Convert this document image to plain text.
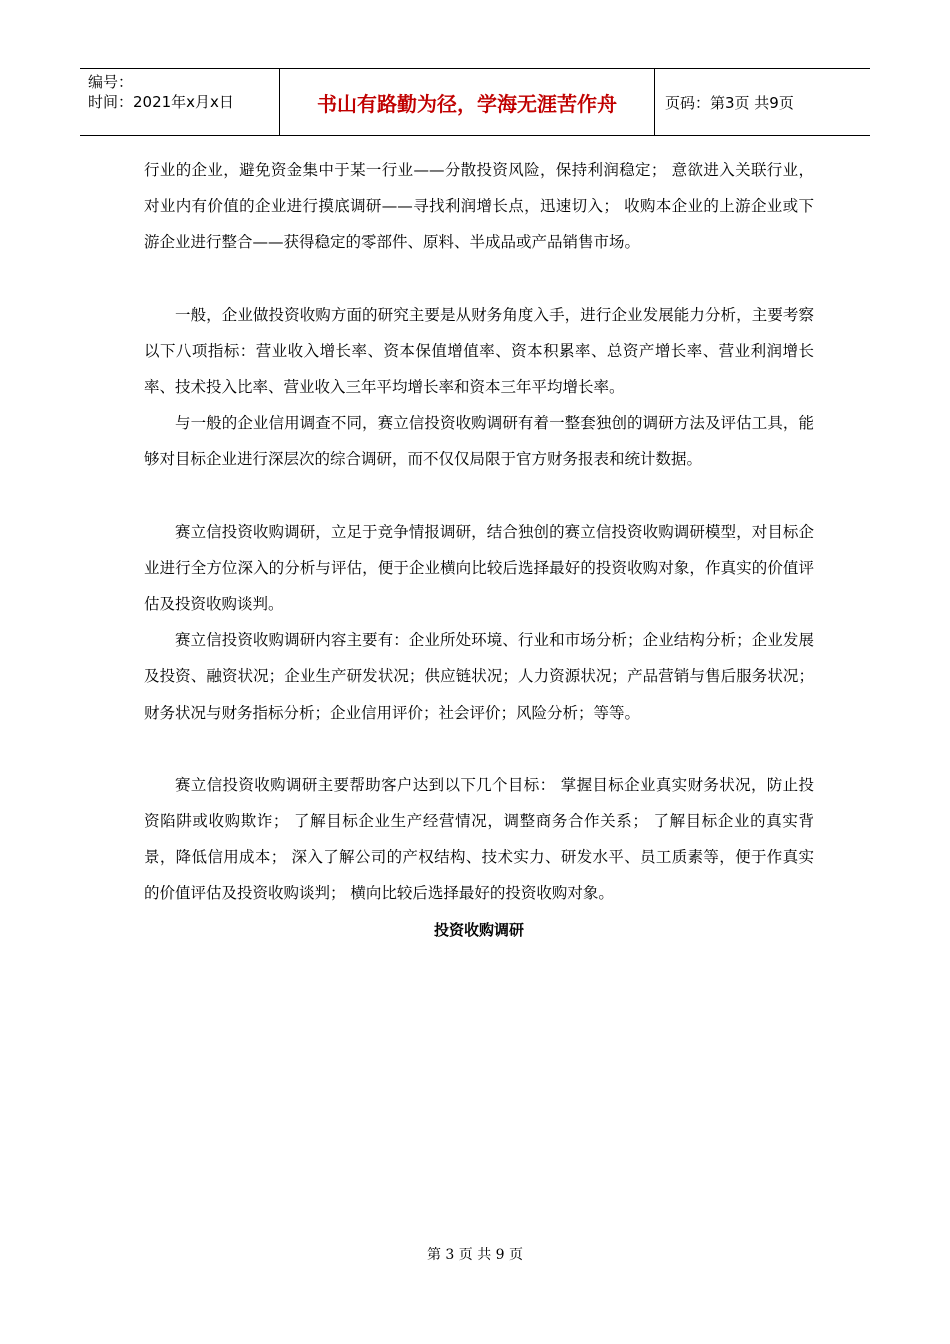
编号：
时间：2021年x月x日	书山有路勤为径，学海无涯苦作舟	页码：第3页 共9页

行业的企业，避免资金集中于某一行业——分散投资风险，保持利润稳定； 意欲进入关联行业，对业内有价值的企业进行摸底调研——寻找利润增长点，迅速切入； 收购本企业的上游企业或下游企业进行整合——获得稳定的零部件、原料、半成品或产品销售市场。

一般，企业做投资收购方面的研究主要是从财务角度入手，进行企业发展能力分析，主要考察以下八项指标：营业收入增长率、资本保值增值率、资本积累率、总资产增长率、营业利润增长率、技术投入比率、营业收入三年平均增长率和资本三年平均增长率。

与一般的企业信用调查不同，赛立信投资收购调研有着一整套独创的调研方法及评估工具，能够对目标企业进行深层次的综合调研，而不仅仅局限于官方财务报表和统计数据。

赛立信投资收购调研，立足于竞争情报调研，结合独创的赛立信投资收购调研模型，对目标企业进行全方位深入的分析与评估，便于企业横向比较后选择最好的投资收购对象，作真实的价值评估及投资收购谈判。

赛立信投资收购调研内容主要有：企业所处环境、行业和市场分析；企业结构分析；企业发展及投资、融资状况；企业生产研发状况；供应链状况；人力资源状况；产品营销与售后服务状况；财务状况与财务指标分析；企业信用评价；社会评价；风险分析；等等。

赛立信投资收购调研主要帮助客户达到以下几个目标： 掌握目标企业真实财务状况，防止投资陷阱或收购欺诈； 了解目标企业生产经营情况，调整商务合作关系； 了解目标企业的真实背景，降低信用成本； 深入了解公司的产权结构、技术实力、研发水平、员工质素等，便于作真实的价值评估及投资收购谈判； 横向比较后选择最好的投资收购对象。

投资收购调研

第 3 页 共 9 页
